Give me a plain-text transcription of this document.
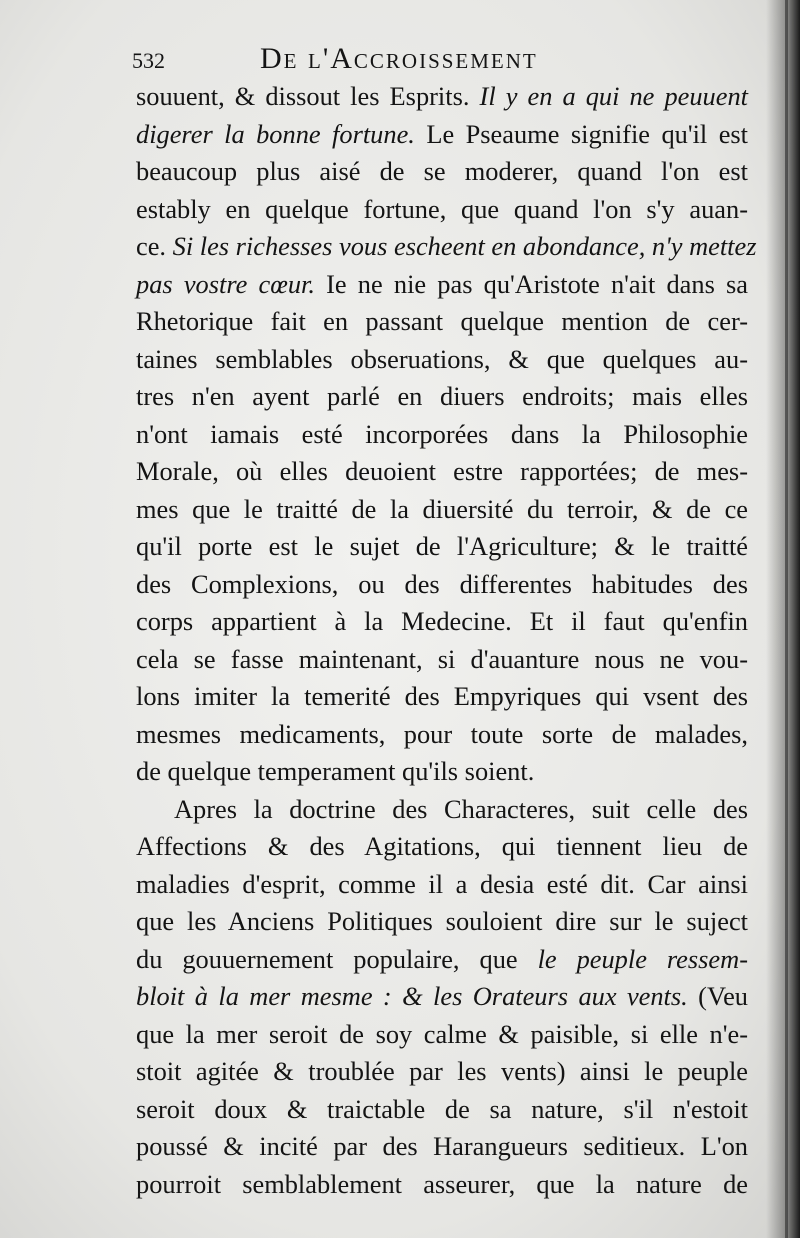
532	De l'Accroissement
souuent, & dissout les Esprits. Il y en a qui ne peuuent
digerer la bonne fortune. Le Pseaume signifie qu'il est
beaucoup plus aisé de se moderer, quand l'on est
estably en quelque fortune, que quand l'on s'y auan-
ce. Si les richesses vous escheent en abondance, n'y mettez
pas vostre cœur. Ie ne nie pas qu'Aristote n'ait dans sa
Rhetorique fait en passant quelque mention de cer-
taines semblables obseruations, & que quelques au-
tres n'en ayent parlé en diuers endroits; mais elles
n'ont iamais esté incorporées dans la Philosophie
Morale, où elles deuoient estre rapportées; de mes-
mes que le traitté de la diuersité du terroir, & de ce
qu'il porte est le sujet de l'Agriculture; & le traitté
des Complexions, ou des differentes habitudes des
corps appartient à la Medecine. Et il faut qu'enfin
cela se fasse maintenant, si d'auanture nous ne vou-
lons imiter la temerité des Empyriques qui vsent des
mesmes medicaments, pour toute sorte de malades,
de quelque temperament qu'ils soient.
Apres la doctrine des Characteres, suit celle des
Affections & des Agitations, qui tiennent lieu de
maladies d'esprit, comme il a desia esté dit. Car ainsi
que les Anciens Politiques souloient dire sur le suject
du gouuernement populaire, que le peuple ressem-
bloit à la mer mesme : & les Orateurs aux vents. (Veu
que la mer seroit de soy calme & paisible, si elle n'e-
stoit agitée & troublée par les vents) ainsi le peuple
seroit doux & traictable de sa nature, s'il n'estoit
poussé & incité par des Harangueurs seditieux. L'on
pourroit semblablement asseurer, que la nature de
